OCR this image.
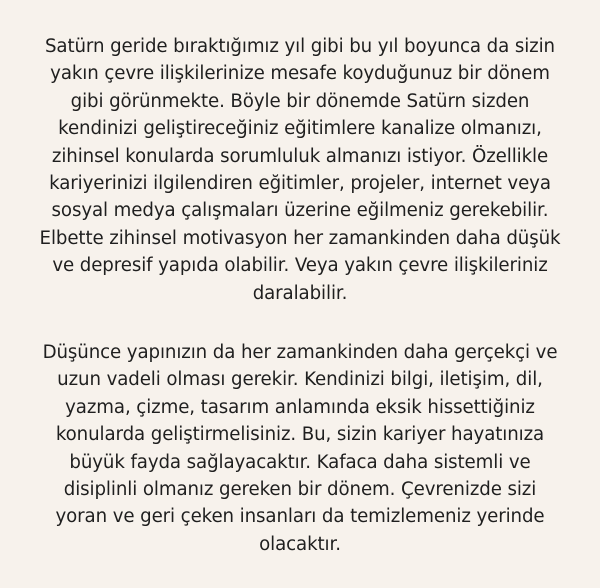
Satürn geride bıraktığımız yıl gibi bu yıl boyunca da sizin
yakın çevre ilişkilerinize mesafe koyduğunuz bir dönem
gibi görünmekte. Böyle bir dönemde Satürn sizden
kendinizi geliştireceğiniz eğitimlere kanalize olmanızı,
zihinsel konularda sorumluluk almanızı istiyor. Özellikle
kariyerinizi ilgilendiren eğitimler, projeler, internet veya
sosyal medya çalışmaları üzerine eğilmeniz gerekebilir.
Elbette zihinsel motivasyon her zamankinden daha düşük
ve depresif yapıda olabilir. Veya yakın çevre ilişkileriniz
daralabilir.
Düşünce yapınızın da her zamankinden daha gerçekçi ve
uzun vadeli olması gerekir. Kendinizi bilgi, iletişim, dil,
yazma, çizme, tasarım anlamında eksik hissettiğiniz
konularda geliştirmelisiniz. Bu, sizin kariyer hayatınıza
büyük fayda sağlayacaktır. Kafaca daha sistemli ve
disiplinli olmanız gereken bir dönem. Çevrenizde sizi
yoran ve geri çeken insanları da temizlemeniz yerinde
olacaktır.
